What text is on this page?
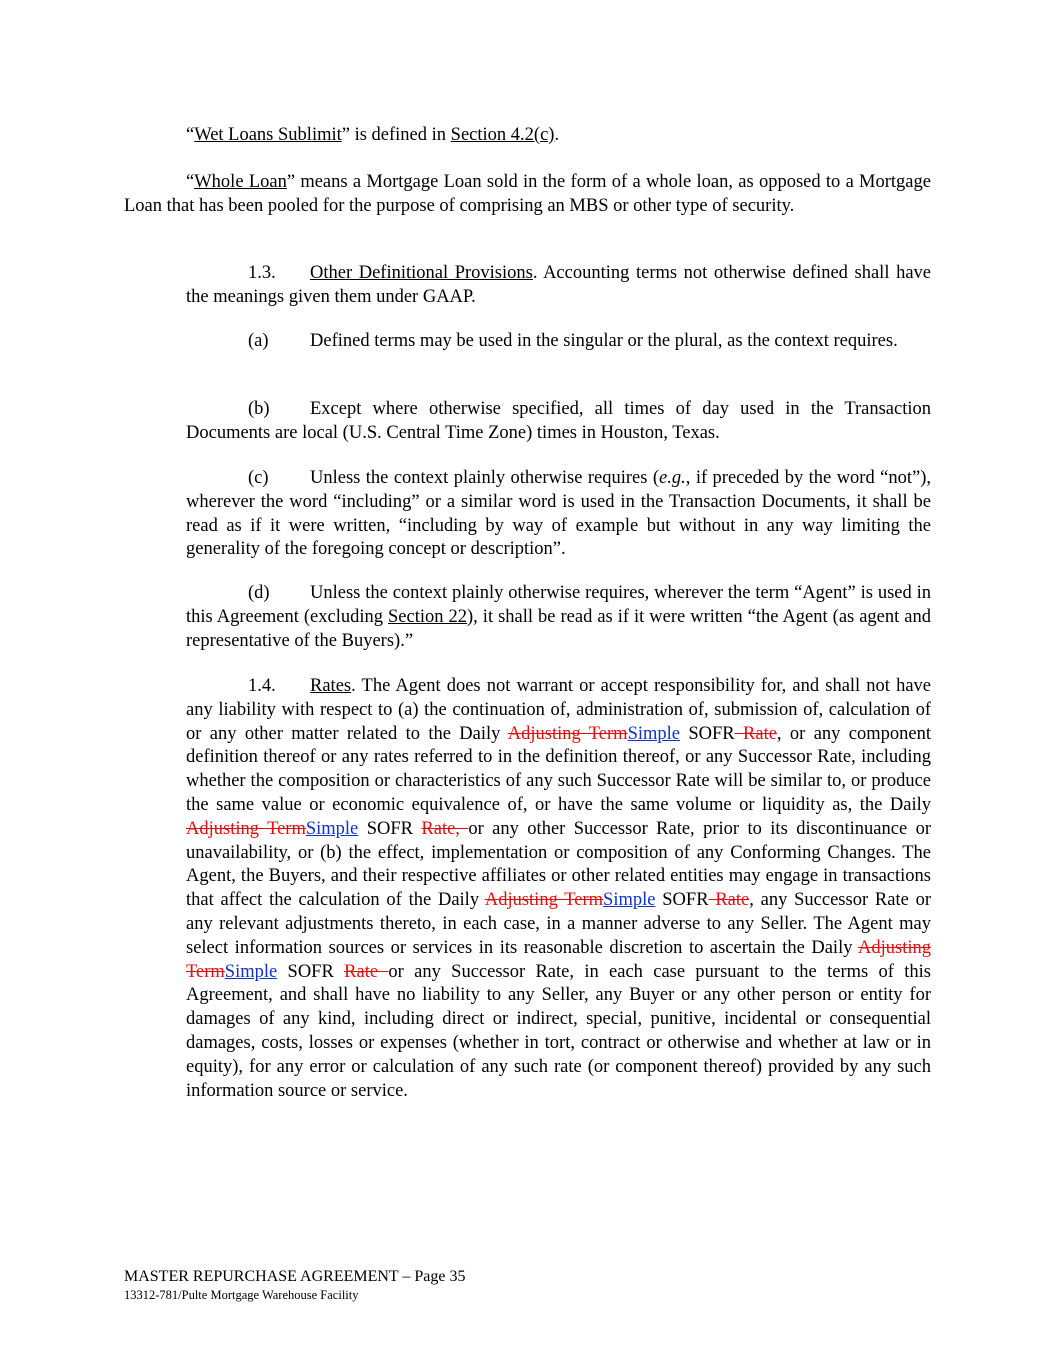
“Wet Loans Sublimit” is defined in Section 4.2(c).

“Whole Loan” means a Mortgage Loan sold in the form of a whole loan, as opposed to a Mortgage Loan that has been pooled for the purpose of comprising an MBS or other type of security.

1.3. Other Definitional Provisions. Accounting terms not otherwise defined shall have the meanings given them under GAAP.

(a) Defined terms may be used in the singular or the plural, as the context requires.

(b) Except where otherwise specified, all times of day used in the Transaction Documents are local (U.S. Central Time Zone) times in Houston, Texas.

(c) Unless the context plainly otherwise requires (e.g., if preceded by the word “not”), wherever the word “including” or a similar word is used in the Transaction Documents, it shall be read as if it were written, “including by way of example but without in any way limiting the generality of the foregoing concept or description”.

(d) Unless the context plainly otherwise requires, wherever the term “Agent” is used in this Agreement (excluding Section 22), it shall be read as if it were written “the Agent (as agent and representative of the Buyers).”

1.4. Rates. The Agent does not warrant or accept responsibility for, and shall not have any liability with respect to (a) the continuation of, administration of, submission of, calculation of or any other matter related to the Daily Adjusting TermSimple SOFR Rate, or any component definition thereof or any rates referred to in the definition thereof, or any Successor Rate, including whether the composition or characteristics of any such Successor Rate will be similar to, or produce the same value or economic equivalence of, or have the same volume or liquidity as, the Daily Adjusting TermSimple SOFR Rate, or any other Successor Rate, prior to its discontinuance or unavailability, or (b) the effect, implementation or composition of any Conforming Changes. The Agent, the Buyers, and their respective affiliates or other related entities may engage in transactions that affect the calculation of the Daily Adjusting TermSimple SOFR Rate, any Successor Rate or any relevant adjustments thereto, in each case, in a manner adverse to any Seller. The Agent may select information sources or services in its reasonable discretion to ascertain the Daily Adjusting TermSimple SOFR Rate or any Successor Rate, in each case pursuant to the terms of this Agreement, and shall have no liability to any Seller, any Buyer or any other person or entity for damages of any kind, including direct or indirect, special, punitive, incidental or consequential damages, costs, losses or expenses (whether in tort, contract or otherwise and whether at law or in equity), for any error or calculation of any such rate (or component thereof) provided by any such information source or service.

MASTER REPURCHASE AGREEMENT – Page 35
13312-781/Pulte Mortgage Warehouse Facility
